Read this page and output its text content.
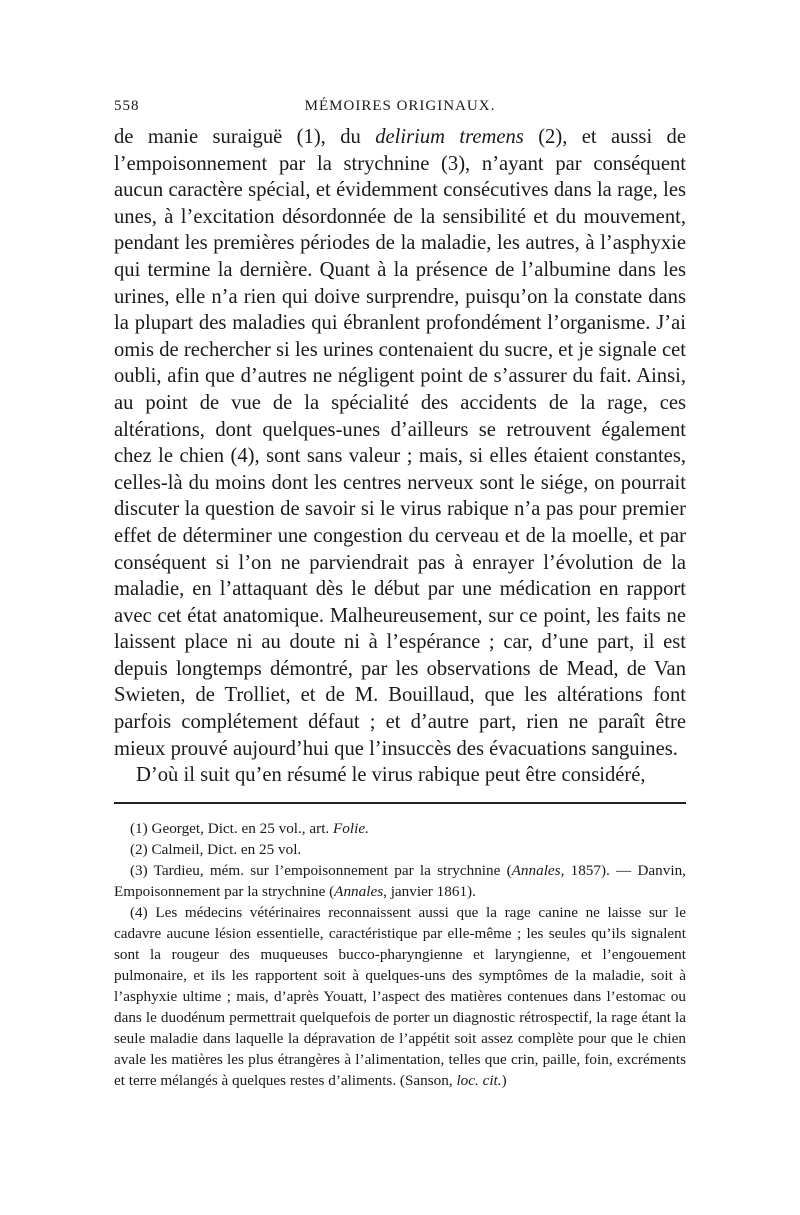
558	MÉMOIRES ORIGINAUX.

de manie suraiguë (1), du delirium tremens (2), et aussi de l’empoisonnement par la strychnine (3), n’ayant par conséquent aucun caractère spécial, et évidemment consécutives dans la rage, les unes, à l’excitation désordonnée de la sensibilité et du mouvement, pendant les premières périodes de la maladie, les autres, à l’asphyxie qui termine la dernière. Quant à la présence de l’albumine dans les urines, elle n’a rien qui doive surprendre, puisqu’on la constate dans la plupart des maladies qui ébranlent profondément l’organisme. J’ai omis de rechercher si les urines contenaient du sucre, et je signale cet oubli, afin que d’autres ne négligent point de s’assurer du fait. Ainsi, au point de vue de la spécialité des accidents de la rage, ces altérations, dont quelques-unes d’ailleurs se retrouvent également chez le chien (4), sont sans valeur ; mais, si elles étaient constantes, celles-là du moins dont les centres nerveux sont le siége, on pourrait discuter la question de savoir si le virus rabique n’a pas pour premier effet de déterminer une congestion du cerveau et de la moelle, et par conséquent si l’on ne parviendrait pas à enrayer l’évolution de la maladie, en l’attaquant dès le début par une médication en rapport avec cet état anatomique. Malheureusement, sur ce point, les faits ne laissent place ni au doute ni à l’espérance ; car, d’une part, il est depuis longtemps démontré, par les observations de Mead, de Van Swieten, de Trolliet, et de M. Bouillaud, que les altérations font parfois complétement défaut ; et d’autre part, rien ne paraît être mieux prouvé aujourd’hui que l’insuccès des évacuations sanguines.

D’où il suit qu’en résumé le virus rabique peut être considéré,

(1) Georget, Dict. en 25 vol., art. Folie.

(2) Calmeil, Dict. en 25 vol.

(3) Tardieu, mém. sur l’empoisonnement par la strychnine (Annales, 1857). — Danvin, Empoisonnement par la strychnine (Annales, janvier 1861).

(4) Les médecins vétérinaires reconnaissent aussi que la rage canine ne laisse sur le cadavre aucune lésion essentielle, caractéristique par elle-même ; les seules qu’ils signalent sont la rougeur des muqueuses bucco-pharyngienne et laryngienne, et l’engouement pulmonaire, et ils les rapportent soit à quelques-uns des symptômes de la maladie, soit à l’asphyxie ultime ; mais, d’après Youatt, l’aspect des matières contenues dans l’estomac ou dans le duodénum permettrait quelquefois de porter un diagnostic rétrospectif, la rage étant la seule maladie dans laquelle la dépravation de l’appétit soit assez complète pour que le chien avale les matières les plus étrangères à l’alimentation, telles que crin, paille, foin, excréments et terre mélangés à quelques restes d’aliments. (Sanson, loc. cit.)
